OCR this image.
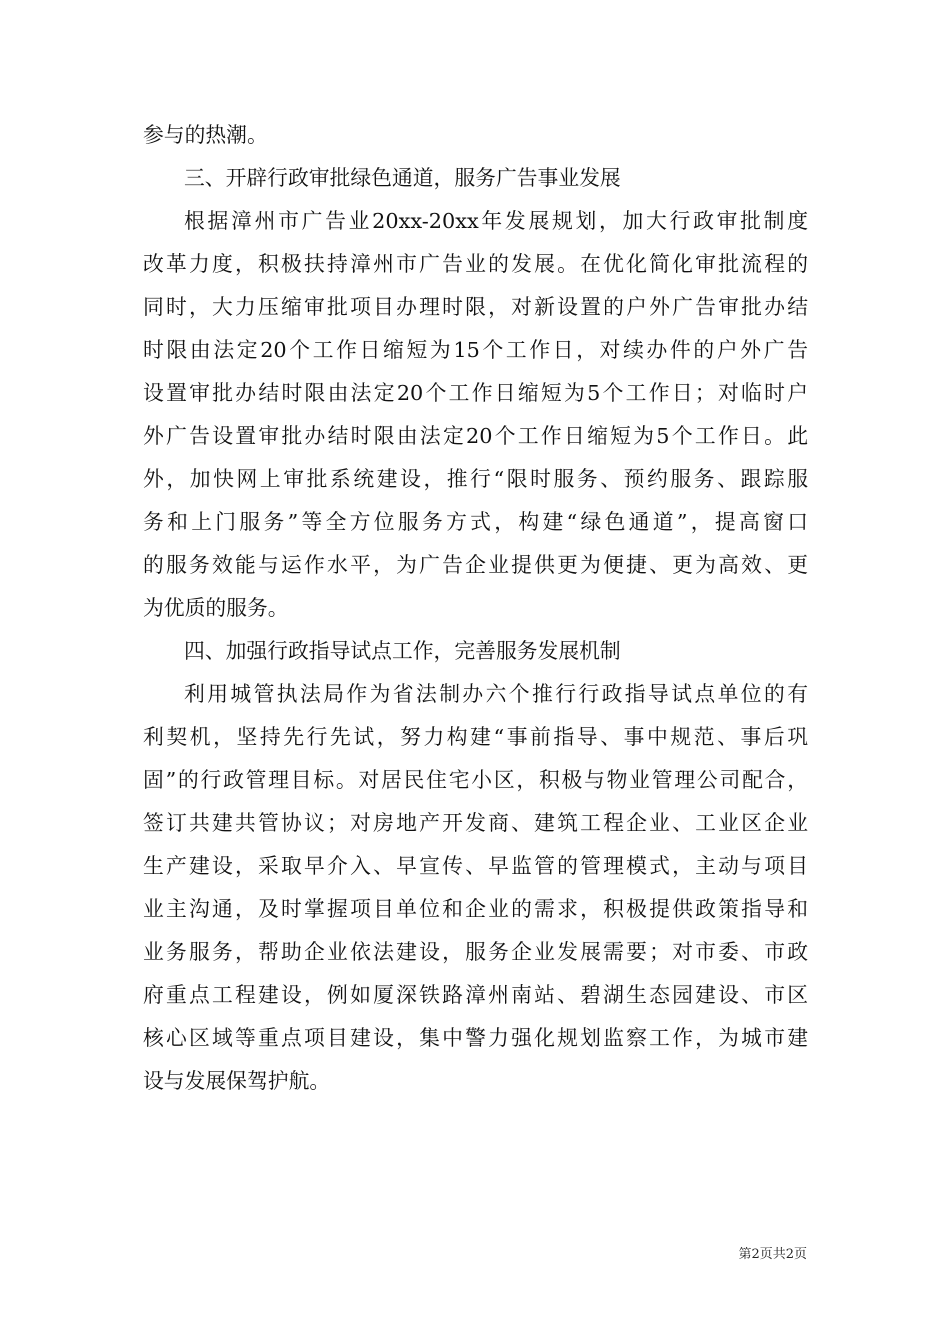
参与的热潮。
三、开辟行政审批绿色通道，服务广告事业发展
根据漳州市广告业20xx-20xx年发展规划，加大行政审批制度
改革力度，积极扶持漳州市广告业的发展。在优化简化审批流程的
同时，大力压缩审批项目办理时限，对新设置的户外广告审批办结
时限由法定20个工作日缩短为15个工作日，对续办件的户外广告
设置审批办结时限由法定20个工作日缩短为5个工作日；对临时户
外广告设置审批办结时限由法定20个工作日缩短为5个工作日。此
外，加快网上审批系统建设，推行“限时服务、预约服务、跟踪服
务和上门服务”等全方位服务方式，构建“绿色通道”，提高窗口
的服务效能与运作水平，为广告企业提供更为便捷、更为高效、更
为优质的服务。
四、加强行政指导试点工作，完善服务发展机制
利用城管执法局作为省法制办六个推行行政指导试点单位的有
利契机，坚持先行先试，努力构建“事前指导、事中规范、事后巩
固”的行政管理目标。对居民住宅小区，积极与物业管理公司配合，
签订共建共管协议；对房地产开发商、建筑工程企业、工业区企业
生产建设，采取早介入、早宣传、早监管的管理模式，主动与项目
业主沟通，及时掌握项目单位和企业的需求，积极提供政策指导和
业务服务，帮助企业依法建设，服务企业发展需要；对市委、市政
府重点工程建设，例如厦深铁路漳州南站、碧湖生态园建设、市区
核心区域等重点项目建设，集中警力强化规划监察工作，为城市建
设与发展保驾护航。
第2页共2页
